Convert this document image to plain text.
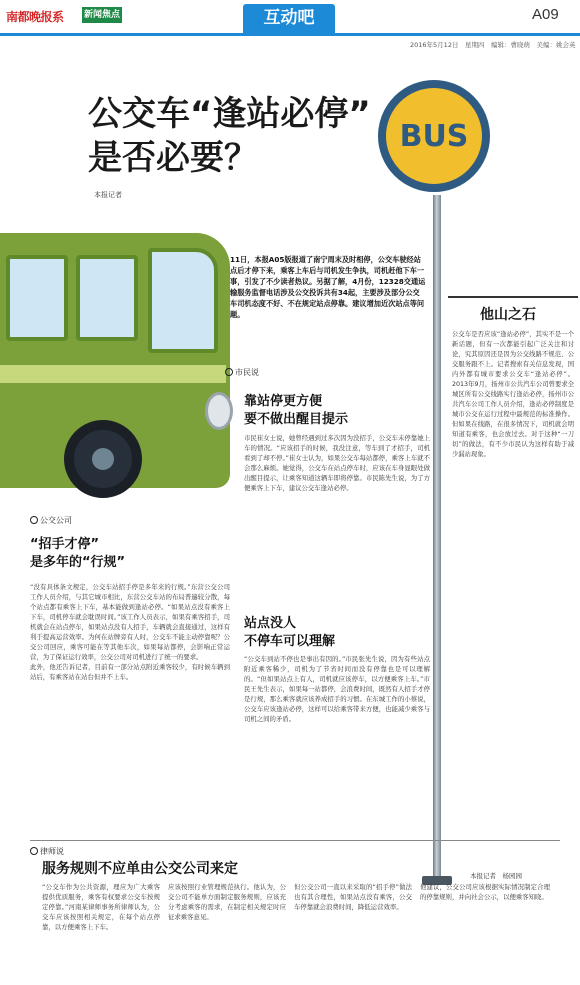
南都晚报系 新闻焦点	互动吧	A09
2016年5月12日　星期四　编辑：曹晓萌　美编：姚会英
公交车“逢站必停”
是否必要？
本报记者
BUS
11日，本报A05版报道了南宁周末及时相停，公交车驶经站点后才停下来，乘客上车后与司机发生争执，司机赶他下车一事，引发了不少读者热议。另据了解，4月份，12328交通运输服务监督电话涉及公交投诉共有34起，主要涉及部分公交车司机态度不好、不在规定站点停靠。建议增加近次站点等问题。	他山之石
公交车是否应该“逢站必停”，其实不是一个新话题，但有一次都能引起广泛关注和讨论，究其原因还是因为公交线路不规范、公交服务跟不上。记者搜索有关信息发现，国内外都有城市要求公交车“逢站必停”。2013年9月，扬州市公共汽车公司曾要求全城区所有公交线路实行逢站必停，扬州市公共汽车公司工作人员介绍，逢站必停制度是城市公交在运行过程中最规范的标准操作。但如果在线路，在很多情况下，司机就会明知道有乘客，也会放过去。对于这种“一刀切”的做法，有不少市民认为这样有助于减少漏站现象。
本报记者　杨园园
公交公司
“招手才停”
是多年的“行规”

“没有具体条文规定，公交车站招手停是多年来的行规。”东营公交公司工作人员介绍，与其它城市相比，东营公交车站的布局普遍较分散，每个站点都有乘客上下车，基本能做到逢站必停。“如果站点没有乘客上下车，司机停车就会耽误时间。”该工作人员表示，如果有乘客招手，司机就会在站点停车，如果站点没有人招手，车辆就会直接通过，这样有利于提高运营效率。为何在站牌旁有人时，公交车不能主动停靠呢？公交公司回应，乘客可能在等其他车次，如果每站都停，会影响正常运营，为了保证运行效率，公交公司对司机进行了统一的要求。

此外，他还告诉记者，目前有一部分站点附近乘客较少，有时候车辆到站后，有乘客站在站台但并不上车。

市民说
靠站停更方便
要不做出醒目提示
市民崔女士说，她曾经遇到过多次因为没招手，公交车未停靠她上车的情况。“应该招手的时候，我没注意，等车到了才招手，司机看到了却不停。”崔女士认为，如果公交车每站都停，乘客上车就不会那么麻烦。她觉得，公交车在站点停车时，应该在车身显眼处做出醒目提示，让乘客知道这辆车即将停靠。市民陈先生说，为了方便乘客上下车，建议公交车逢站必停。
站点没人
不停车可以理解
“公交车到站不停也是事出有因的。”市民张先生说，因为有些站点附近乘客稀少，司机为了节省时间而没有停靠也是可以理解的。“但如果站点上有人，司机就应该停车，以方便乘客上车。”市民王先生表示，如果每一站都停，会浪费时间，既然有人招手才停是行规，那么乘客就应该养成招手的习惯。在东城工作的小蔡说，公交车应该逢站必停，这样可以给乘客带来方便，也能减少乘客与司机之间的矛盾。
律师说
服务规则不应单由公交公司来定
“公交车作为公共资源，理应为广大乘客提供优质服务，乘客有权要求公交车按规定停靠。”河南某律师事务所律师认为，公交车应该按照相关规定，在每个站点停靠，以方便乘客上下车。
应该按照行业管理规范执行。他认为，公交公司不能单方面制定服务规则，应该充分考虑乘客的需求，在制定相关规定时应征求乘客意见。
但公交公司一直以来采取的“招手停”做法也有其合理性，如果站点没有乘客，公交车停靠就会浪费时间，降低运营效率。
他建议，公交公司应该根据实际情况制定合理的停靠规则，并向社会公示，以便乘客知晓。
